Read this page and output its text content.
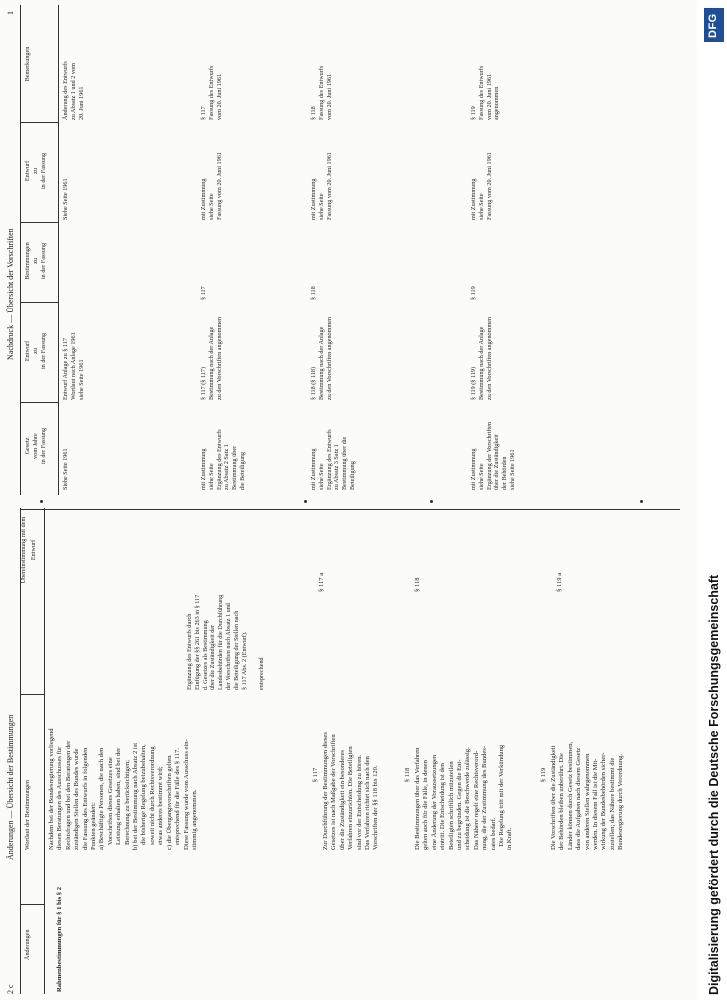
2 c
Änderungen — Übersicht der Bestimmungen
Änderungen
Wortlaut der Bestimmungen
Übereinstimmung mit dem Entwurf
Rahmenbestimmungen für § 1 bis § 2
Nachdem bei der Bundesregierung vorliegend
diesen Beratungen des Ausschusses für
Rechtsfragen und bei den Beratungen der
zuständigen Stellen des Bundes wurde
die Fassung des Entwurfs in folgenden
Punkten geändert:
a) Beschäftigte Personen, die nach den
Vorschriften dieses Gesetzes eine
Leistung erhalten haben, sind bei der
Berechnung zu berücksichtigen;
b) bei der Bestimmung nach Absatz 2 ist
die bisherige Regelung beizubehalten,
soweit nicht durch Rechtsverordnung
etwas anderes bestimmt wird;
c) die Übergangsvorschriften gelten
entsprechend für die Fälle des § 117.
Diese Fassung wurde vom Ausschuss ein-
stimmig angenommen.
Ergänzung des Entwurfs durch
Einfügung der §§ 261 bis 263 in § 117
d. Gesetzes als Bestimmung
über die Zuständigkeit der
Landesbehörden für die Durchführung
der Vorschriften nach Absatz 1 und
die Beteiligung der Stellen nach
§ 117 Abs. 2 (Entwurf).
entsprechend
§ 117 a
§ 117
Zur Durchführung der Bestimmungen dieses
Gesetzes ist nach Maßgabe der Vorschriften
über die Zuständigkeit ein besonderes
Verfahren einzurichten. Die Beteiligten
sind vor der Entscheidung zu hören.
Das Verfahren richtet sich nach den
Vorschriften der §§ 118 bis 120.	§ 118
Die Bestimmungen über das Verfahren
gelten auch für die Fälle, in denen
eine Änderung der Voraussetzungen
eintritt. Die Entscheidung ist den
Beteiligten schriftlich mitzuteilen
und zu begründen. Gegen die Ent-
scheidung ist die Beschwerde zulässig.
Das Nähere regelt eine Rechtsverord-
nung, die der Zustimmung des Bundes-
rates bedarf.
Die Regelung tritt mit der Verkündung
in Kraft.
§ 118
§ 119
Die Vorschriften über die Zuständigkeit
der Behörden bleiben unberührt. Die
Länder können durch Gesetz bestimmen,
dass die Aufgaben nach diesem Gesetz
von anderen Stellen wahrgenommen
werden. In diesem Fall ist die Mit-
wirkung der Bundesbehörden sicher-
zustellen; das Nähere bestimmt die
Bundesregierung durch Verordnung.
§ 119 a
Nachdruck — Übersicht der Vorschriften
1
Gesetz
vom Jahre
in der Fassung
Entwurf
zu
in der Fassung
Bestimmungen
zu
in der Fassung
Entwurf
zu
in der Fassung
Bemerkungen
Siehe Seite 1961
Entwurf Anlage zu § 117
Wortlaut nach Anlage 1961
siehe Seite 1961
Siehe Seite 1961
Änderung des Entwurfs
zu Absatz 1 und 2 vom
20. Juni 1961
mit Zustimmung
siehe Seite
Ergänzung des Entwurfs
zu Absatz 2 Satz 1
Bestimmung über
die Beteiligung
§ 117 (§ 117)
Bestimmung nach der Anlage
zu den Vorschriften angenommen
§ 117
mit Zustimmung
siehe Seite
Fassung vom 20. Juni 1961
§ 117
Fassung des Entwurfs
vom 20. Juni 1961
mit Zustimmung
siehe Seite
Ergänzung des Entwurfs
zu Absatz 3 Satz 1
Bestimmung über die
Beteiligung
§ 118 (§ 118)
Bestimmung nach der Anlage
zu den Vorschriften angenommen
§ 118
mit Zustimmung
siehe Seite
Fassung vom 20. Juni 1961
§ 118
Fassung des Entwurfs
vom 20. Juni 1961
mit Zustimmung
siehe Seite
Ergänzung der Vorschriften
über die Zuständigkeit
der Behörden
siehe Seite 1961
§ 119 (§ 119)
Bestimmung nach der Anlage
zu den Vorschriften angenommen
§ 119
mit Zustimmung
siehe Seite
Fassung vom 20. Juni 1961
§ 119
Fassung des Entwurfs
vom 20. Juni 1961
angenommen
Digitalisierung gefördert durch die Deutsche Forschungsgemeinschaft
DFG
